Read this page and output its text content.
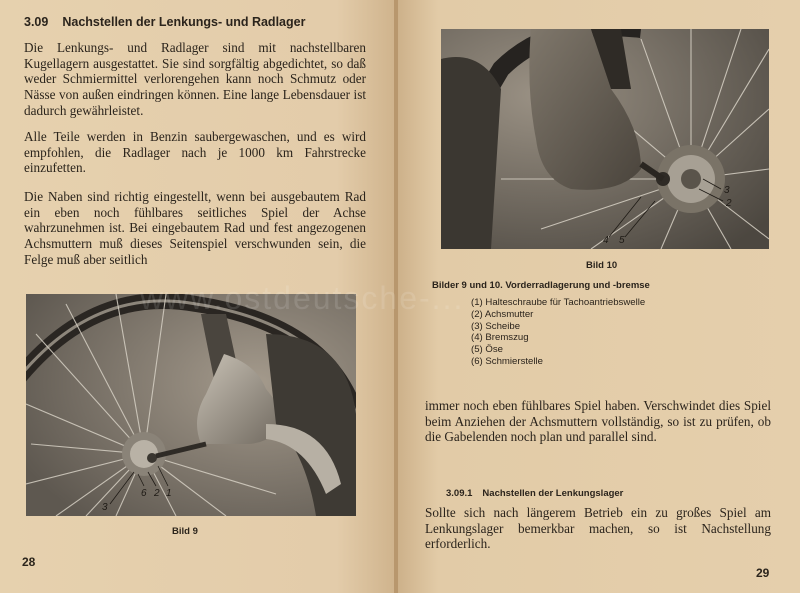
3.09 Nachstellen der Lenkungs- und Radlager

Die Lenkungs- und Radlager sind mit nachstellbaren Kugellagern ausgestattet. Sie sind sorgfältig abgedichtet, so daß weder Schmiermittel verlorengehen kann noch Schmutz oder Nässe von außen eindringen können. Eine lange Lebensdauer ist dadurch gewährleistet.

Alle Teile werden in Benzin saubergewaschen, und es wird empfohlen, die Radlager nach je 1000 km Fahrstrecke einzufetten.

Die Naben sind richtig eingestellt, wenn bei ausgebautem Rad ein eben noch fühlbares seitliches Spiel der Achse wahrzunehmen ist. Bei eingebautem Rad und fest angezogenen Achsmuttern muß dieses Seitenspiel verschwunden sein, die Felge muß aber seitlich

3
6 2 1
Bild 9
28
3
2
4 5
Bild 10
Bilder 9 und 10. Vorderradlagerung und -bremse
(1) Halteschraube für Tachoantriebswelle
(2) Achsmutter
(3) Scheibe
(4) Bremszug
(5) Öse
(6) Schmierstelle

immer noch eben fühlbares Spiel haben. Verschwindet dies Spiel beim Anziehen der Achsmuttern vollständig, so ist zu prüfen, ob die Gabelenden noch plan und parallel sind.

3.09.1 Nachstellen der Lenkungslager

Sollte sich nach längerem Betrieb ein zu großes Spiel am Lenkungslager bemerkbar machen, so ist Nachstellung erforderlich.

29
